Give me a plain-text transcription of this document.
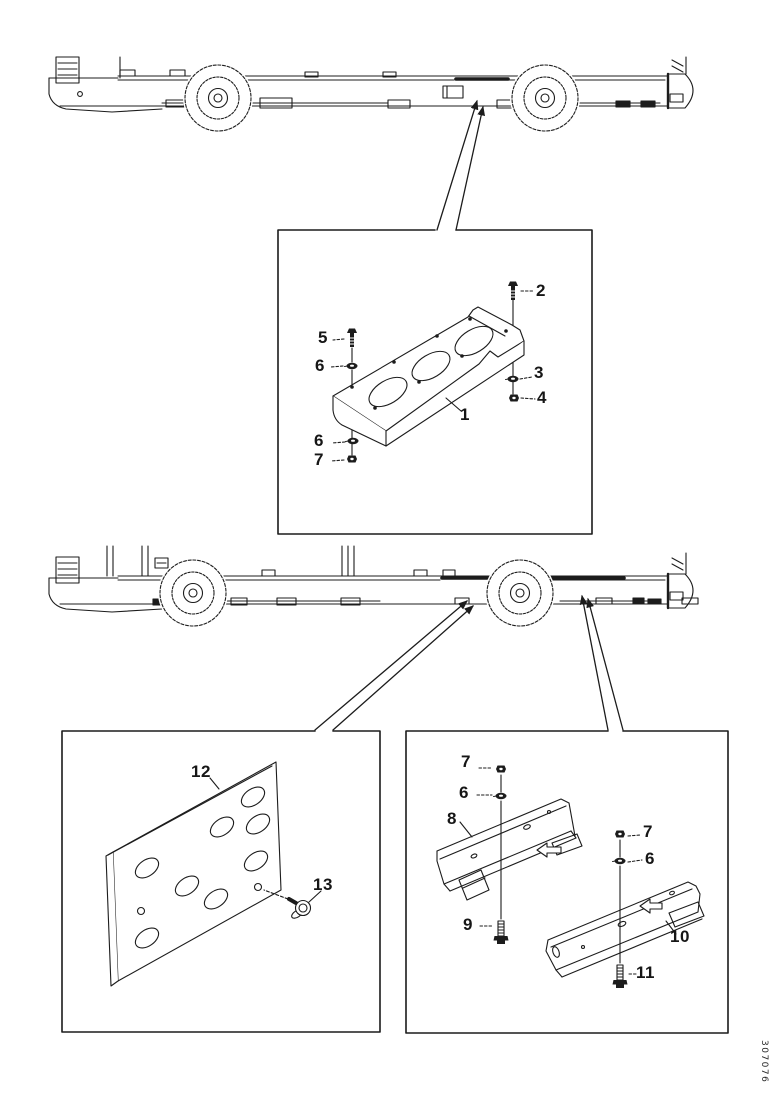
2
5
6	3
4
1
6
7
12
13
7
6
8
9
7
6
10
11
307076
